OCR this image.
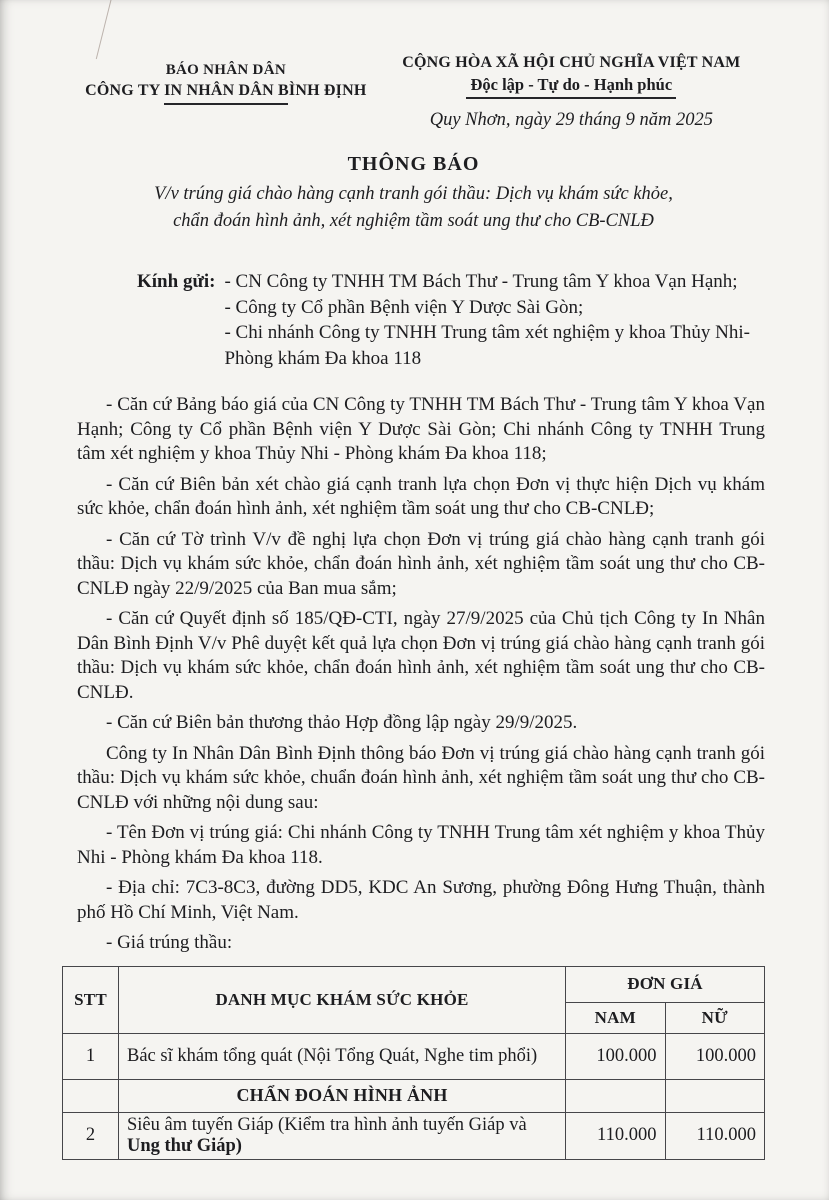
BÁO NHÂN DÂN
CÔNG TY IN NHÂN DÂN BÌNH ĐỊNH
CỘNG HÒA XÃ HỘI CHỦ NGHĨA VIỆT NAM
Độc lập - Tự do - Hạnh phúc
Quy Nhơn, ngày 29 tháng 9 năm 2025
THÔNG BÁO
V/v trúng giá chào hàng cạnh tranh gói thầu: Dịch vụ khám sức khỏe,
chẩn đoán hình ảnh, xét nghiệm tầm soát ung thư cho CB-CNLĐ
Kính gửi: - CN Công ty TNHH TM Bách Thư - Trung tâm Y khoa Vạn Hạnh;
- Công ty Cổ phần Bệnh viện Y Dược Sài Gòn;
- Chi nhánh Công ty TNHH Trung tâm xét nghiệm y khoa Thủy Nhi-
Phòng khám Đa khoa 118

- Căn cứ Bảng báo giá của CN Công ty TNHH TM Bách Thư - Trung tâm Y khoa Vạn Hạnh; Công ty Cổ phần Bệnh viện Y Dược Sài Gòn; Chi nhánh Công ty TNHH Trung tâm xét nghiệm y khoa Thủy Nhi - Phòng khám Đa khoa 118;

- Căn cứ Biên bản xét chào giá cạnh tranh lựa chọn Đơn vị thực hiện Dịch vụ khám sức khỏe, chẩn đoán hình ảnh, xét nghiệm tầm soát ung thư cho CB-CNLĐ;

- Căn cứ Tờ trình V/v đề nghị lựa chọn Đơn vị trúng giá chào hàng cạnh tranh gói thầu: Dịch vụ khám sức khỏe, chẩn đoán hình ảnh, xét nghiệm tầm soát ung thư cho CB-CNLĐ ngày 22/9/2025 của Ban mua sắm;

- Căn cứ Quyết định số 185/QĐ-CTI, ngày 27/9/2025 của Chủ tịch Công ty In Nhân Dân Bình Định V/v Phê duyệt kết quả lựa chọn Đơn vị trúng giá chào hàng cạnh tranh gói thầu: Dịch vụ khám sức khỏe, chẩn đoán hình ảnh, xét nghiệm tầm soát ung thư cho CB-CNLĐ.

- Căn cứ Biên bản thương thảo Hợp đồng lập ngày 29/9/2025.

Công ty In Nhân Dân Bình Định thông báo Đơn vị trúng giá chào hàng cạnh tranh gói thầu: Dịch vụ khám sức khỏe, chuẩn đoán hình ảnh, xét nghiệm tầm soát ung thư cho CB-CNLĐ với những nội dung sau:

- Tên Đơn vị trúng giá: Chi nhánh Công ty TNHH Trung tâm xét nghiệm y khoa Thủy Nhi - Phòng khám Đa khoa 118.

- Địa chỉ: 7C3-8C3, đường DD5, KDC An Sương, phường Đông Hưng Thuận, thành phố Hồ Chí Minh, Việt Nam.

- Giá trúng thầu:

STT	DANH MỤC KHÁM SỨC KHỎE	ĐƠN GIÁ	
		NAM	NỮ
1	Bác sĩ khám tổng quát (Nội Tổng Quát, Nghe tim phổi)	100.000	100.000
	CHẨN ĐOÁN HÌNH ẢNH		
2	Siêu âm tuyến Giáp (Kiểm tra hình ảnh tuyến Giáp và Ung thư Giáp)	110.000	110.000
